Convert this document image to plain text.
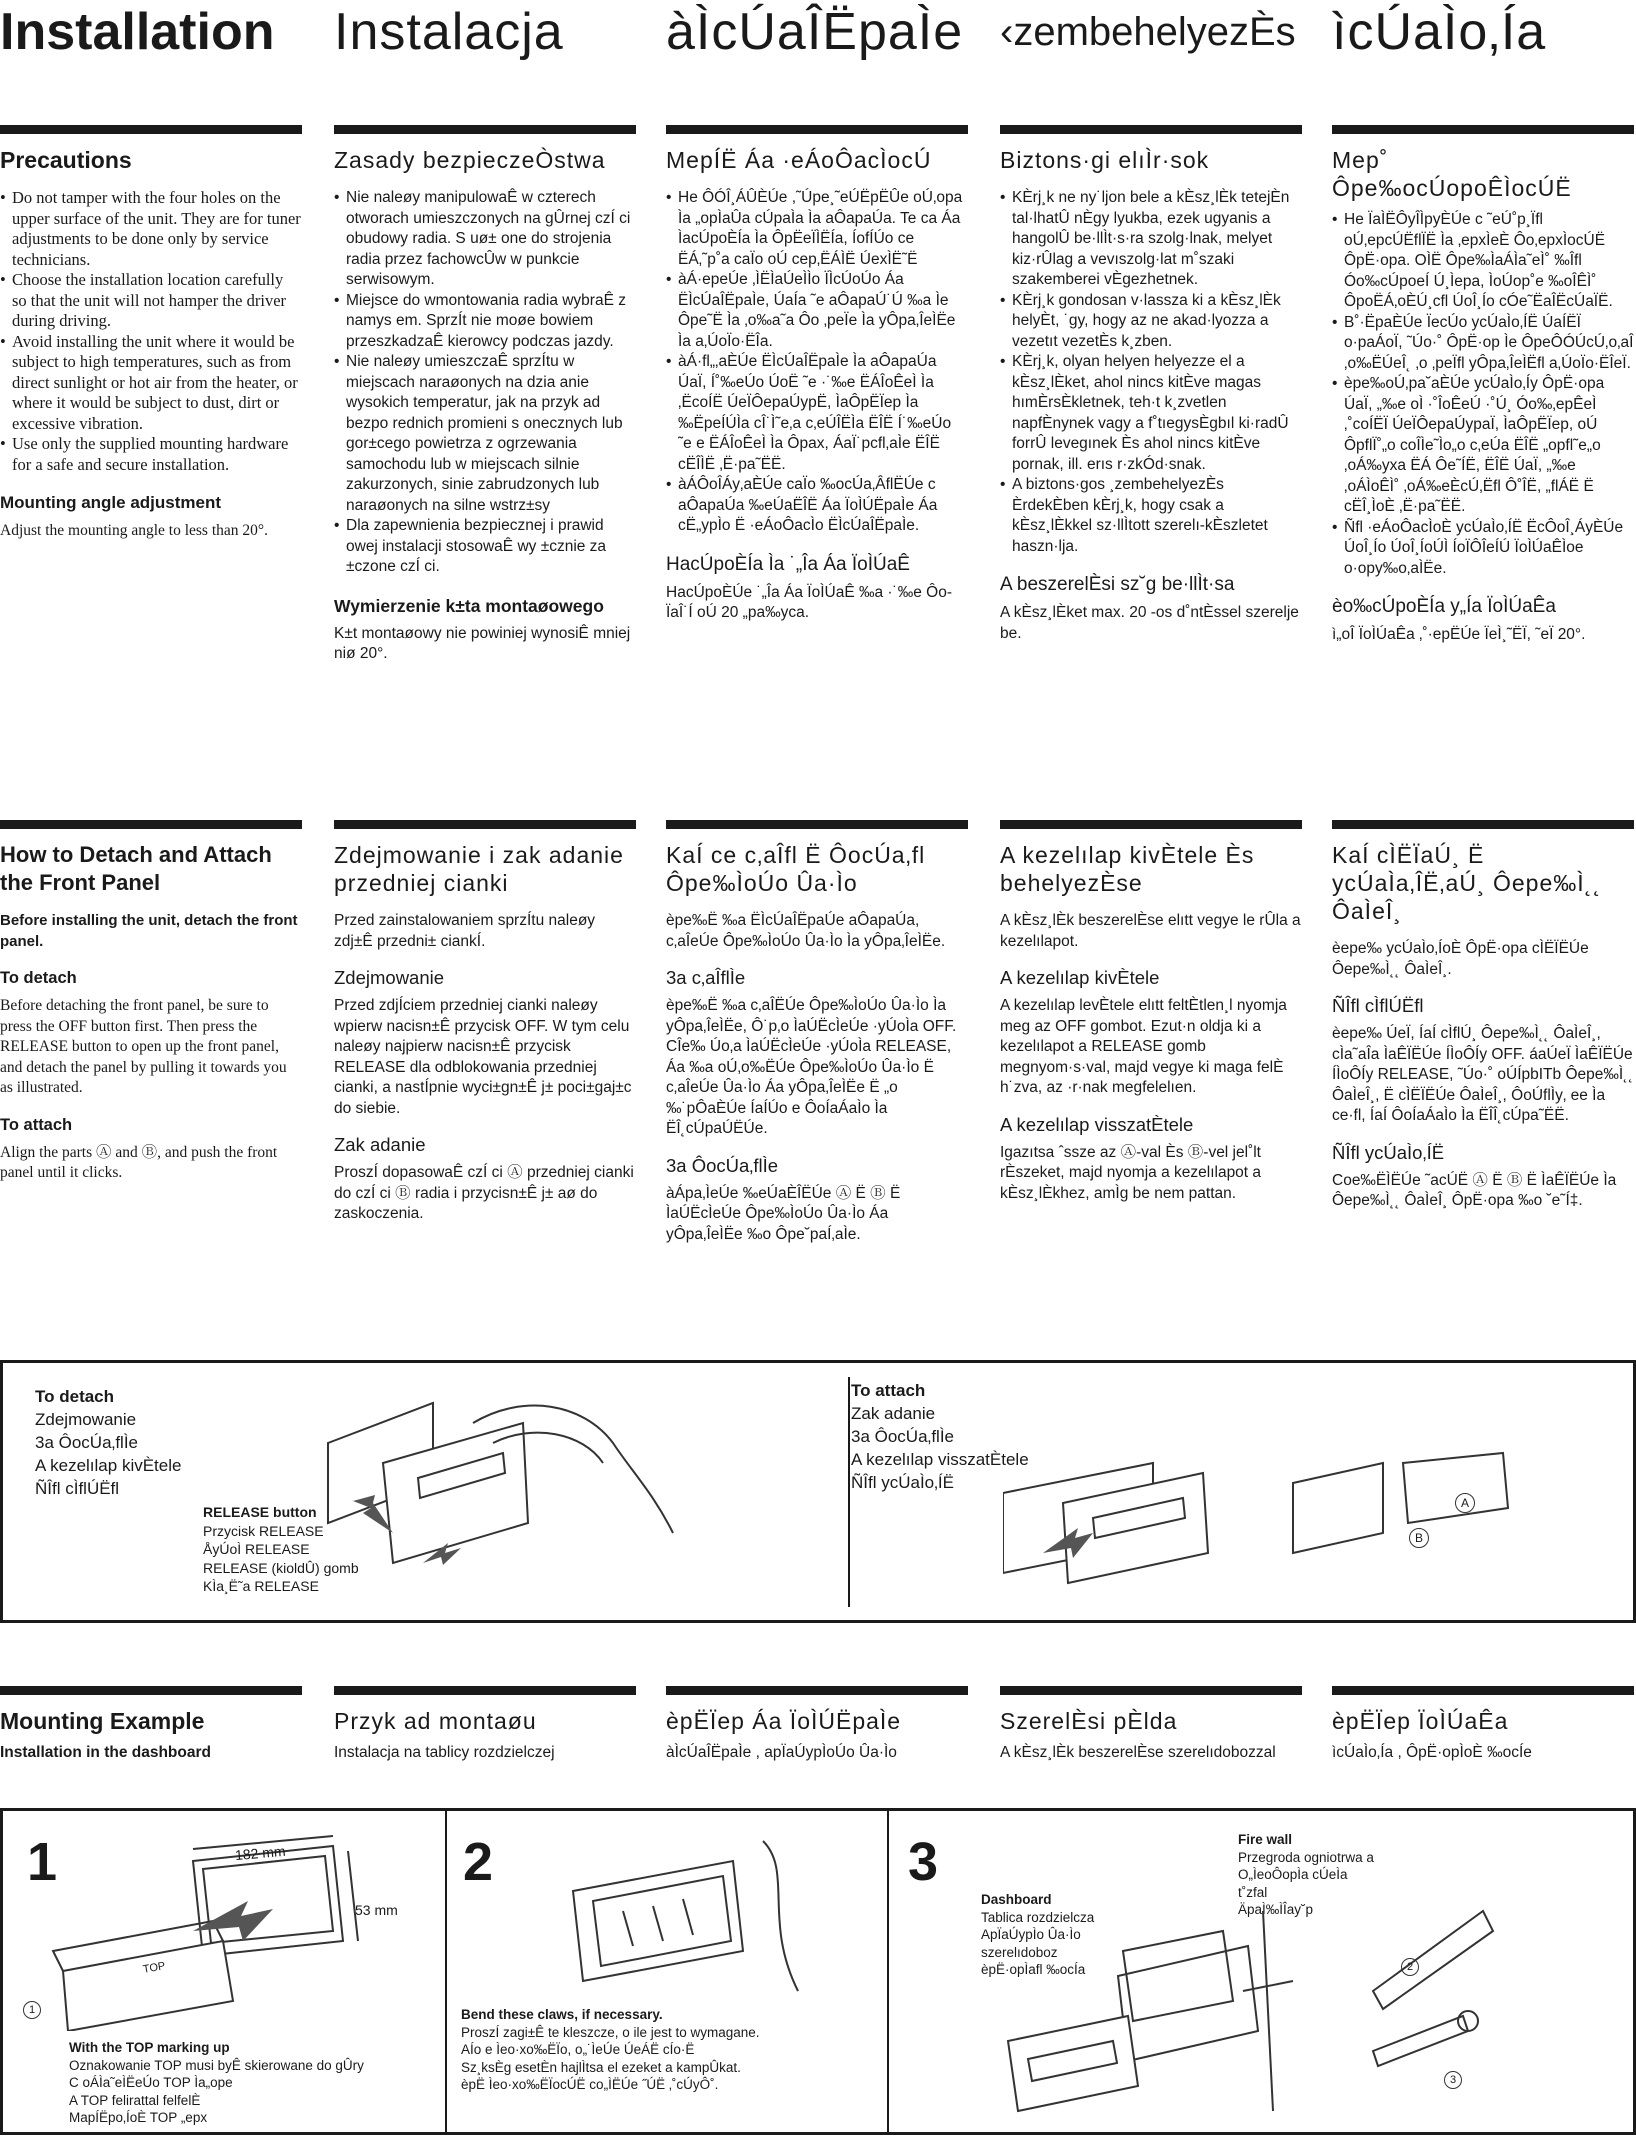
Installation Instalacja àÌcÚaÎËpaÌe ‹zembehelyezÈs ìcÚaÌo‚Ía
Precautions
• Do not tamper with the four holes on the upper surface of the unit. They are for tuner adjustments to be done only by service technicians.
• Choose the installation location carefully so that the unit will not hamper the driver during driving.
• Avoid installing the unit where it would be subject to high temperatures, such as from direct sunlight or hot air from the heater, or where it would be subject to dust, dirt or excessive vibration.
• Use only the supplied mounting hardware for a safe and secure installation.
Mounting angle adjustment

Adjust the mounting angle to less than 20°.

Zasady bezpieczeÒstwa
• Nie naleøy manipulowaÊ w czterech otworach umieszczonych na gÛrnej czÍ ci obudowy radia. S uø± one do strojenia radia przez fachowcÛw w punkcie serwisowym.
• Miejsce do wmontowania radia wybraÊ z namys em. SprzÍt nie moøe bowiem przeszkadzaÊ kierowcy podczas jazdy.
• Nie naleøy umieszczaÊ sprzÍtu w miejscach naraøonych na dzia anie wysokich temperatur, jak na przyk ad bezpo rednich promieni s onecznych lub gor±cego powietrza z ogrzewania samochodu lub w miejscach silnie zakurzonych, sinie zabrudzonych lub naraøonych na silne wstrz±sy
• Dla zapewnienia bezpiecznej i prawid owej instalacji stosowaÊ wy ±cznie za ±czone czÍ ci.
Wymierzenie k±ta montaøowego

K±t montaøowy nie powiniej wynosiÊ mniej niø 20°.

MepÍË Áa ·eÁoÔacÌocÚ
• He ÔÓÎ¸ÁÛÈÚe ,˜Úpe¸˜eÚËpËÛe oÚ‚opa Ìa „opÌaÛa cÚpaÌa Ìa aÔapaÚa. Te ca Áa ÌacÚpoÈÍa Ìa ÔpËeÏÌËÍa, ÍofÍÚo ce ËÁ‚˜p˚a caÏo oÚ cep‚ËÁÌË ÚexÌË˜Ë
• àÁ·epeÚe ‚ÌËÌaÚeÌÌo ÏÌcÚoÚo Áa ËÌcÚaÎËpaÌe, ÚaÍa ˜e aÔapaÚ˙Ú ‰a Ìe Ôpe˜Ë Ìa ‚o‰a˜a Ôo ‚peÏe Ìa yÔpa‚ÎeÌËe Ìa a‚ÚoÏo·ËÎa.
• àÁ·fl„‚aÈÚe ËÌcÚaÎËpaÌe Ìa aÔapaÚa ÚaÏ, Í˚‰eÚo ÚoË ˜e ·˙‰e ËÁÎoÊeÌ Ìa ‚ËcoÍË ÚeÏÔepaÚypË, ÌaÔpËÏep Ìa ‰ËpeÍÚÌa cÎ˙Ì˜e‚a c‚eÚÎËÌa ËÎË Í˙‰eÚo ˜e e ËÁÎoÊeÌ Ìa Ôpax, ÁaÏ˙pcfl‚aÌe ËÎË cËÎÌË ‚Ë·pa˜ËË.
• àÁÔoÎÁy‚aÈÚe caÏo ‰ocÚa‚ÂflËÚe c aÔapaÚa ‰eÚaËÎË Áa ÏoÌÚËpaÌe Áa cË„ypÌo Ë ·eÁoÔacÌo ËÌcÚaÎËpaÌe.
HacÚpoÈÍa Ìa ˙„Îa Áa ÏoÌÚaÊ

HacÚpoÈÚe ˙„Îa Áa ÏoÌÚaÊ ‰a ·˙‰e Ôo-ÏaÎ˙Í oÚ 20 „pa‰yca.

Biztons·gi elıÌr·sok
• KÈrj¸k ne ny˙ljon bele a kÈsz¸lÈk tetejÈn tal·lhatÛ nÈgy lyukba, ezek ugyanis a hangolÛ be·llÌt·s·ra szolg·lnak, melyet kiz·rÛlag a vevıszolg·lat m˚szaki szakemberei vÈgezhetnek.
• KÈrj¸k gondosan v·lassza ki a kÈsz¸lÈk helyÈt, ˙gy, hogy az ne akad·lyozza a vezetıt vezetÈs k¸zben.
• KÈrj¸k, olyan helyen helyezze el a kÈsz¸lÈket, ahol nincs kitÈve magas hımÈrsÈkletnek, teh·t k¸zvetlen napfÈnynek vagy a f˚tıegysÈgbıl ki·radÛ forrÛ levegınek Ès ahol nincs kitÈve pornak, ill. erıs r·zkÓd·snak.
• A biztons·gos ¸zembehelyezÈs ÈrdekÈben kÈrj¸k, hogy csak a kÈsz¸lÈkkel sz·llÌtott szerelı-kÈszletet haszn·lja.
A beszerelÈsi sz˘g be·llÌt·sa

A kÈsz¸lÈket max. 20 -os d˚ntÈssel szerelje be.

Mep˚ Ôpe‰ocÚopoÊÌocÚË
• He ÏaÌËÔyÎÌpyÈÚe c ˜eÚ˚p¸Ïfl oÚ‚epcÚËflÏË Ìa ‚epxÌeÈ Ôo‚epxÌocÚË ÔpË·opa. OÌË Ôpe‰ÌaÁÌa˜eÌ˚ ‰Îfl Óo‰cÚpoeÍ Ú¸Ìepa, ÌoÚop˚e ‰oÎÊÌ˚ ÔpoËÁ‚oÈÚ¸cfl ÚoÎ¸Ío cÓe˜ËaÎËcÚaÏË.
• B˚·ËpaÈÚe ÏecÚo ycÚaÌo‚ÍË ÚaÍËÏ o·paÁoÏ, ˜Úo·˚ ÔpË·op Ìe ÔpeÔÓÚcÚ‚o‚aÎ ‚o‰ËÚeÎ˛ ‚o ‚peÏfl yÔpa‚ÎeÌËfl a‚ÚoÏo·ËÎeÏ.
• èpe‰oÚ‚pa˘aÈÚe ycÚaÌo‚Íy ÔpË·opa ÚaÏ, „‰e oÌ ·˚ÎoÊeÚ ·˚Ú¸ Óo‰‚epÊeÌ ‚˚coÍËÏ ÚeÏÔepaÚypaÏ, ÌaÔpËÏep, oÚ ÔpflÏ˚„o coÎÌe˜Ìo„o c‚eÚa ËÎË „opfl˜e„o ‚oÁ‰yxa ËÁ Ôe˜ÍË, ËÎË ÚaÏ, „‰e ‚oÁÌoÊÌ˚ ‚oÁ‰eÈcÚ‚Ëfl Ô˚ÎË, „flÁË Ë cËÎ¸ÌoÈ ‚Ë·pa˜ËË.
• Ñfl ·eÁoÔacÌoÈ ycÚaÌo‚ÍË ËcÔoÎ¸ÁyÈÚe ÚoÎ¸Ío ÚoÎ¸ÍoÚÌ ÍoÏÔÎeÍÚ ÏoÌÚaÊÌoe o·opy‰o‚aÌËe.
èo‰cÚpoÈÍa y„Ía ÏoÌÚaÊa

ì„oÎ ÏoÌÚaÊa ‚˚·epËÚe ÏeÌ¸˜ËÏ, ˜eÏ 20°.

How to Detach and Attach the Front Panel

Before installing the unit, detach the front panel.

To detach

Before detaching the front panel, be sure to press the OFF button first. Then press the RELEASE button to open up the front panel, and detach the panel by pulling it towards you as illustrated.

To attach

Align the parts Ⓐ and Ⓑ, and push the front panel until it clicks.

Zdejmowanie i zak adanie przedniej cianki

Przed zainstalowaniem sprzÍtu naleøy zdj±Ê przedni± ciankÍ.

Zdejmowanie

Przed zdjÍciem przedniej cianki naleøy wpierw nacisn±Ê przycisk OFF. W tym celu naleøy najpierw nacisn±Ê przycisk RELEASE dla odblokowania przedniej cianki, a nastÍpnie wyci±gn±Ê j± poci±gaj±c do siebie.

Zak adanie

ProszÍ dopasowaÊ czÍ ci Ⓐ przedniej cianki do czÍ ci Ⓑ radia i przycisn±Ê j± aø do zaskoczenia.

KaÍ ce c‚aÎfl Ë ÔocÚa‚fl Ôpe‰ÌoÚo Ûa·Ìo

èpe‰Ë ‰a ËÌcÚaÎËpaÚe aÔapaÚa, c‚aÎeÚe Ôpe‰ÌoÚo Ûa·Ìo Ìa yÔpa‚ÎeÌËe.

3a c‚aÎflÌe

èpe‰Ë ‰a c‚aÎËÚe Ôpe‰ÌoÚo Ûa·Ìo Ìa yÔpa‚ÎeÌËe, Ô˙p‚o ÌaÚËcÌeÚe ·yÚoÌa OFF. CÎe‰ Úo‚a ÌaÚËcÌeÚe ·yÚoÌa RELEASE, Áa ‰a oÚ‚o‰ËÚe Ôpe‰ÌoÚo Ûa·Ìo Ë c‚aÎeÚe Ûa·Ìo Áa yÔpa‚ÎeÌËe Ë „o ‰˙pÔaÈÚe ÍaÍÚo e ÔoÍaÁaÌo Ìa ËÎ˛cÚpaÚËÚe.

3a ÔocÚa‚flÌe

àÁpa‚ÌeÚe ‰eÚaÈÎËÚe Ⓐ Ë Ⓑ Ë ÌaÚËcÌeÚe Ôpe‰ÌoÚo Ûa·Ìo Áa yÔpa‚ÎeÌËe ‰o Ôpe˘paÍ‚aÌe.

A kezelılap kivÈtele Ès behelyezÈse

A kÈsz¸lÈk beszerelÈse elıtt vegye le rÛla a kezelılapot.

A kezelılap kivÈtele

A kezelılap levÈtele elıtt feltÈtlen¸l nyomja meg az OFF gombot. Ezut·n oldja ki a kezelılapot a RELEASE gomb megnyom·s·val, majd vegye ki maga felÈ h˙zva, az ·r·nak megfelelıen.

A kezelılap visszatÈtele

Igazıtsa ˆssze az Ⓐ-val Ès Ⓑ-vel jel˚lt rÈszeket, majd nyomja a kezelılapot a kÈsz¸lÈkhez, amÌg be nem pattan.

KaÍ cÌËÏaÚ¸ Ë ycÚaÌa‚ÎË‚aÚ¸ Ôepe‰Ì˛˛ ÔaÌeÎ¸

èepe‰ ycÚaÌo‚ÍoÈ ÔpË·opa cÌËÏËÚe Ôepe‰Ì˛˛ ÔaÌeÎ¸.

ÑÎfl cÌflÚËfl

èepe‰ ÚeÏ, ÍaÍ cÌflÚ¸ Ôepe‰Ì˛˛ ÔaÌeÎ¸, cÌa˜aÎa ÌaÊÏËÚe ÍÌoÔÍy OFF. áaÚeÏ ÌaÊÏËÚe ÍÌoÔÍy RELEASE, ˜Úo·˚ oÚÍpbITb Ôepe‰Ì˛˛ ÔaÌeÎ¸, Ë cÌËÏËÚe ÔaÌeÎ¸, ÔoÚflÌy‚ ee Ìa ce·fl, ÍaÍ ÔoÍaÁaÌo Ìa ËÎÎ˛cÚpa˜ËË.

ÑÎfl ycÚaÌo‚ÍË

Coe‰ËÌËÚe ˜acÚË Ⓐ Ë Ⓑ Ë ÌaÊÏËÚe Ìa Ôepe‰Ì˛˛ ÔaÌeÎ¸ ÔpË·opa ‰o ˘e˜Í‡.

To detach
Zdejmowanie
3a ÔocÚa‚flÌe
A kezelılap kivÈtele
ÑÎfl cÌflÚËfl
RELEASE button
Przycisk RELEASE
ÅyÚoÌ RELEASE
RELEASE (kioldÛ) gomb
KÌa¸Ë˜a RELEASE
To attach
Zak adanie
3a ÔocÚa‚flÌe
A kezelılap visszatÈtele
ÑÎfl ycÚaÌo‚ÍË
A
B
Mounting Example

Installation in the dashboard

Przyk ad montaøu

Instalacja na tablicy rozdzielczej

èpËÏep Áa ÏoÌÚËpaÌe

àÌcÚaÎËpaÌe , apÏaÚypÌoÚo Ûa·Ìo

SzerelÈsi pÈlda

A kÈsz¸lÈk beszerelÈse szerelıdobozzal

èpËÏep ÏoÌÚaÊa

ìcÚaÌo‚Ía , ÔpË·opÌoÈ ‰ocÍe

1	182 mm
53 mm
TOP
1
With the TOP marking up
Oznakowanie TOP musi byÊ skierowane do gÛry
C oÁÌa˜eÌËeÚo TOP Ìa„ope
A TOP felirattal felfelÈ
MapÍËpo‚ÍoÈ TOP „epx
2
Bend these claws, if necessary.
ProszÍ zagi±Ê te kleszcze, o ile jest to wymagane.
AÍo e Ìeo·xo‰ËÏo, o„˙ÌeÚe ÚeÁË cÍo·Ë
Sz¸ksÈg esetÈn hajlÌtsa el ezeket a kampÛkat.
èpË Ìeo·xo‰ËÏocÚË co„ÌËÚe ˝ÚË ‚˚cÚyÔ˚.
3
Dashboard
Tablica rozdzielcza
ApÏaÚypÌo Ûa·Ìo
szerelıdoboz
èpË·opÌafl ‰ocÍa
Fire wall
Przegroda ogniotrwa a
O„ÌeoÔopÌa cÚeÌa
t˚zfal
ÄpaÌ‰ÌÎay˘p
2
3
